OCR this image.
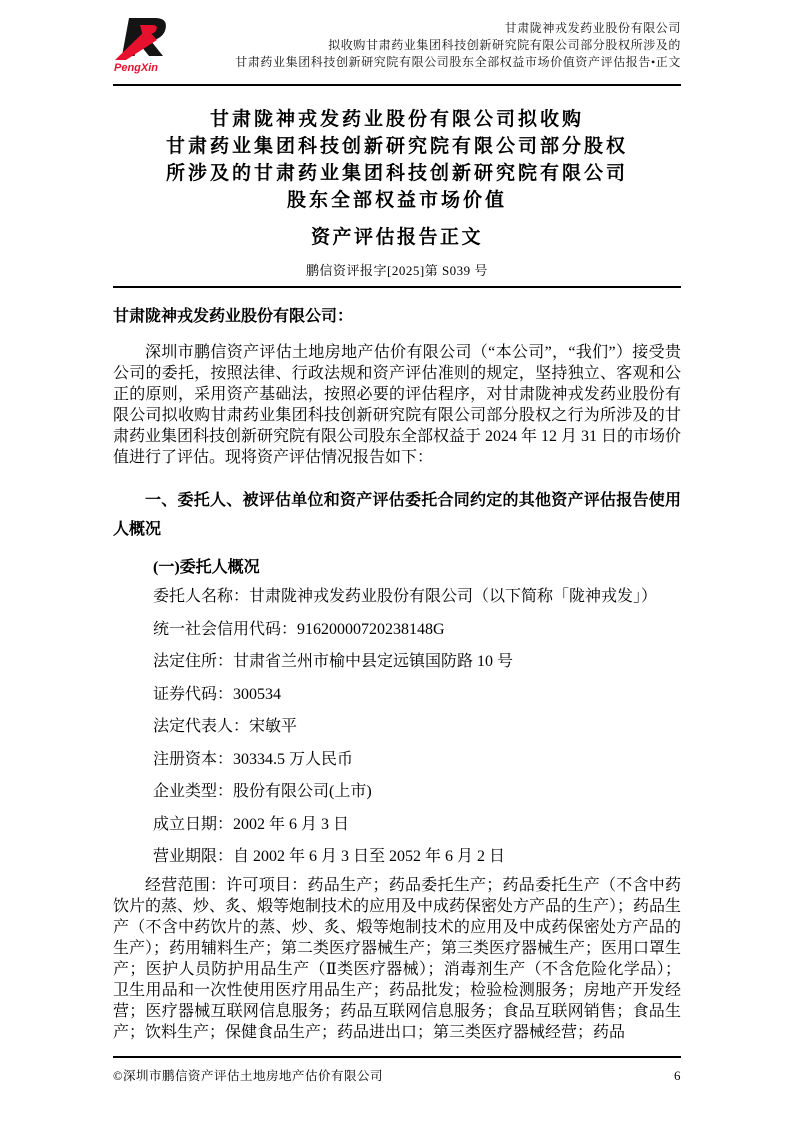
PengXin
甘肃陇神戎发药业股份有限公司
拟收购甘肃药业集团科技创新研究院有限公司部分股权所涉及的
甘肃药业集团科技创新研究院有限公司股东全部权益市场价值资产评估报告•正文
甘肃陇神戎发药业股份有限公司拟收购
甘肃药业集团科技创新研究院有限公司部分股权
所涉及的甘肃药业集团科技创新研究院有限公司
股东全部权益市场价值
资产评估报告正文
鹏信资评报字[2025]第 S039 号
甘肃陇神戎发药业股份有限公司：
深圳市鹏信资产评估土地房地产估价有限公司（“本公司”，“我们”）接受贵公司的委托，按照法律、行政法规和资产评估准则的规定，坚持独立、客观和公正的原则，采用资产基础法，按照必要的评估程序，对甘肃陇神戎发药业股份有限公司拟收购甘肃药业集团科技创新研究院有限公司部分股权之行为所涉及的甘肃药业集团科技创新研究院有限公司股东全部权益于 2024 年 12 月 31 日的市场价值进行了评估。现将资产评估情况报告如下：
一、委托人、被评估单位和资产评估委托合同约定的其他资产评估报告使用人概况
(一)委托人概况
委托人名称：甘肃陇神戎发药业股份有限公司（以下简称「陇神戎发」）
统一社会信用代码：91620000720238148G
法定住所：甘肃省兰州市榆中县定远镇国防路 10 号
证券代码：300534
法定代表人：宋敏平
注册资本：30334.5 万人民币
企业类型：股份有限公司(上市)
成立日期：2002 年 6 月 3 日
营业期限：自 2002 年 6 月 3 日至 2052 年 6 月 2 日
经营范围：许可项目：药品生产；药品委托生产；药品委托生产（不含中药饮片的蒸、炒、炙、煅等炮制技术的应用及中成药保密处方产品的生产）；药品生产（不含中药饮片的蒸、炒、炙、煅等炮制技术的应用及中成药保密处方产品的生产）；药用辅料生产；第二类医疗器械生产；第三类医疗器械生产；医用口罩生产；医护人员防护用品生产（Ⅱ类医疗器械）；消毒剂生产（不含危险化学品）；卫生用品和一次性使用医疗用品生产；药品批发；检验检测服务；房地产开发经营；医疗器械互联网信息服务；药品互联网信息服务；食品互联网销售；食品生产；饮料生产；保健食品生产；药品进出口；第三类医疗器械经营；药品
©深圳市鹏信资产评估土地房地产估价有限公司	6
